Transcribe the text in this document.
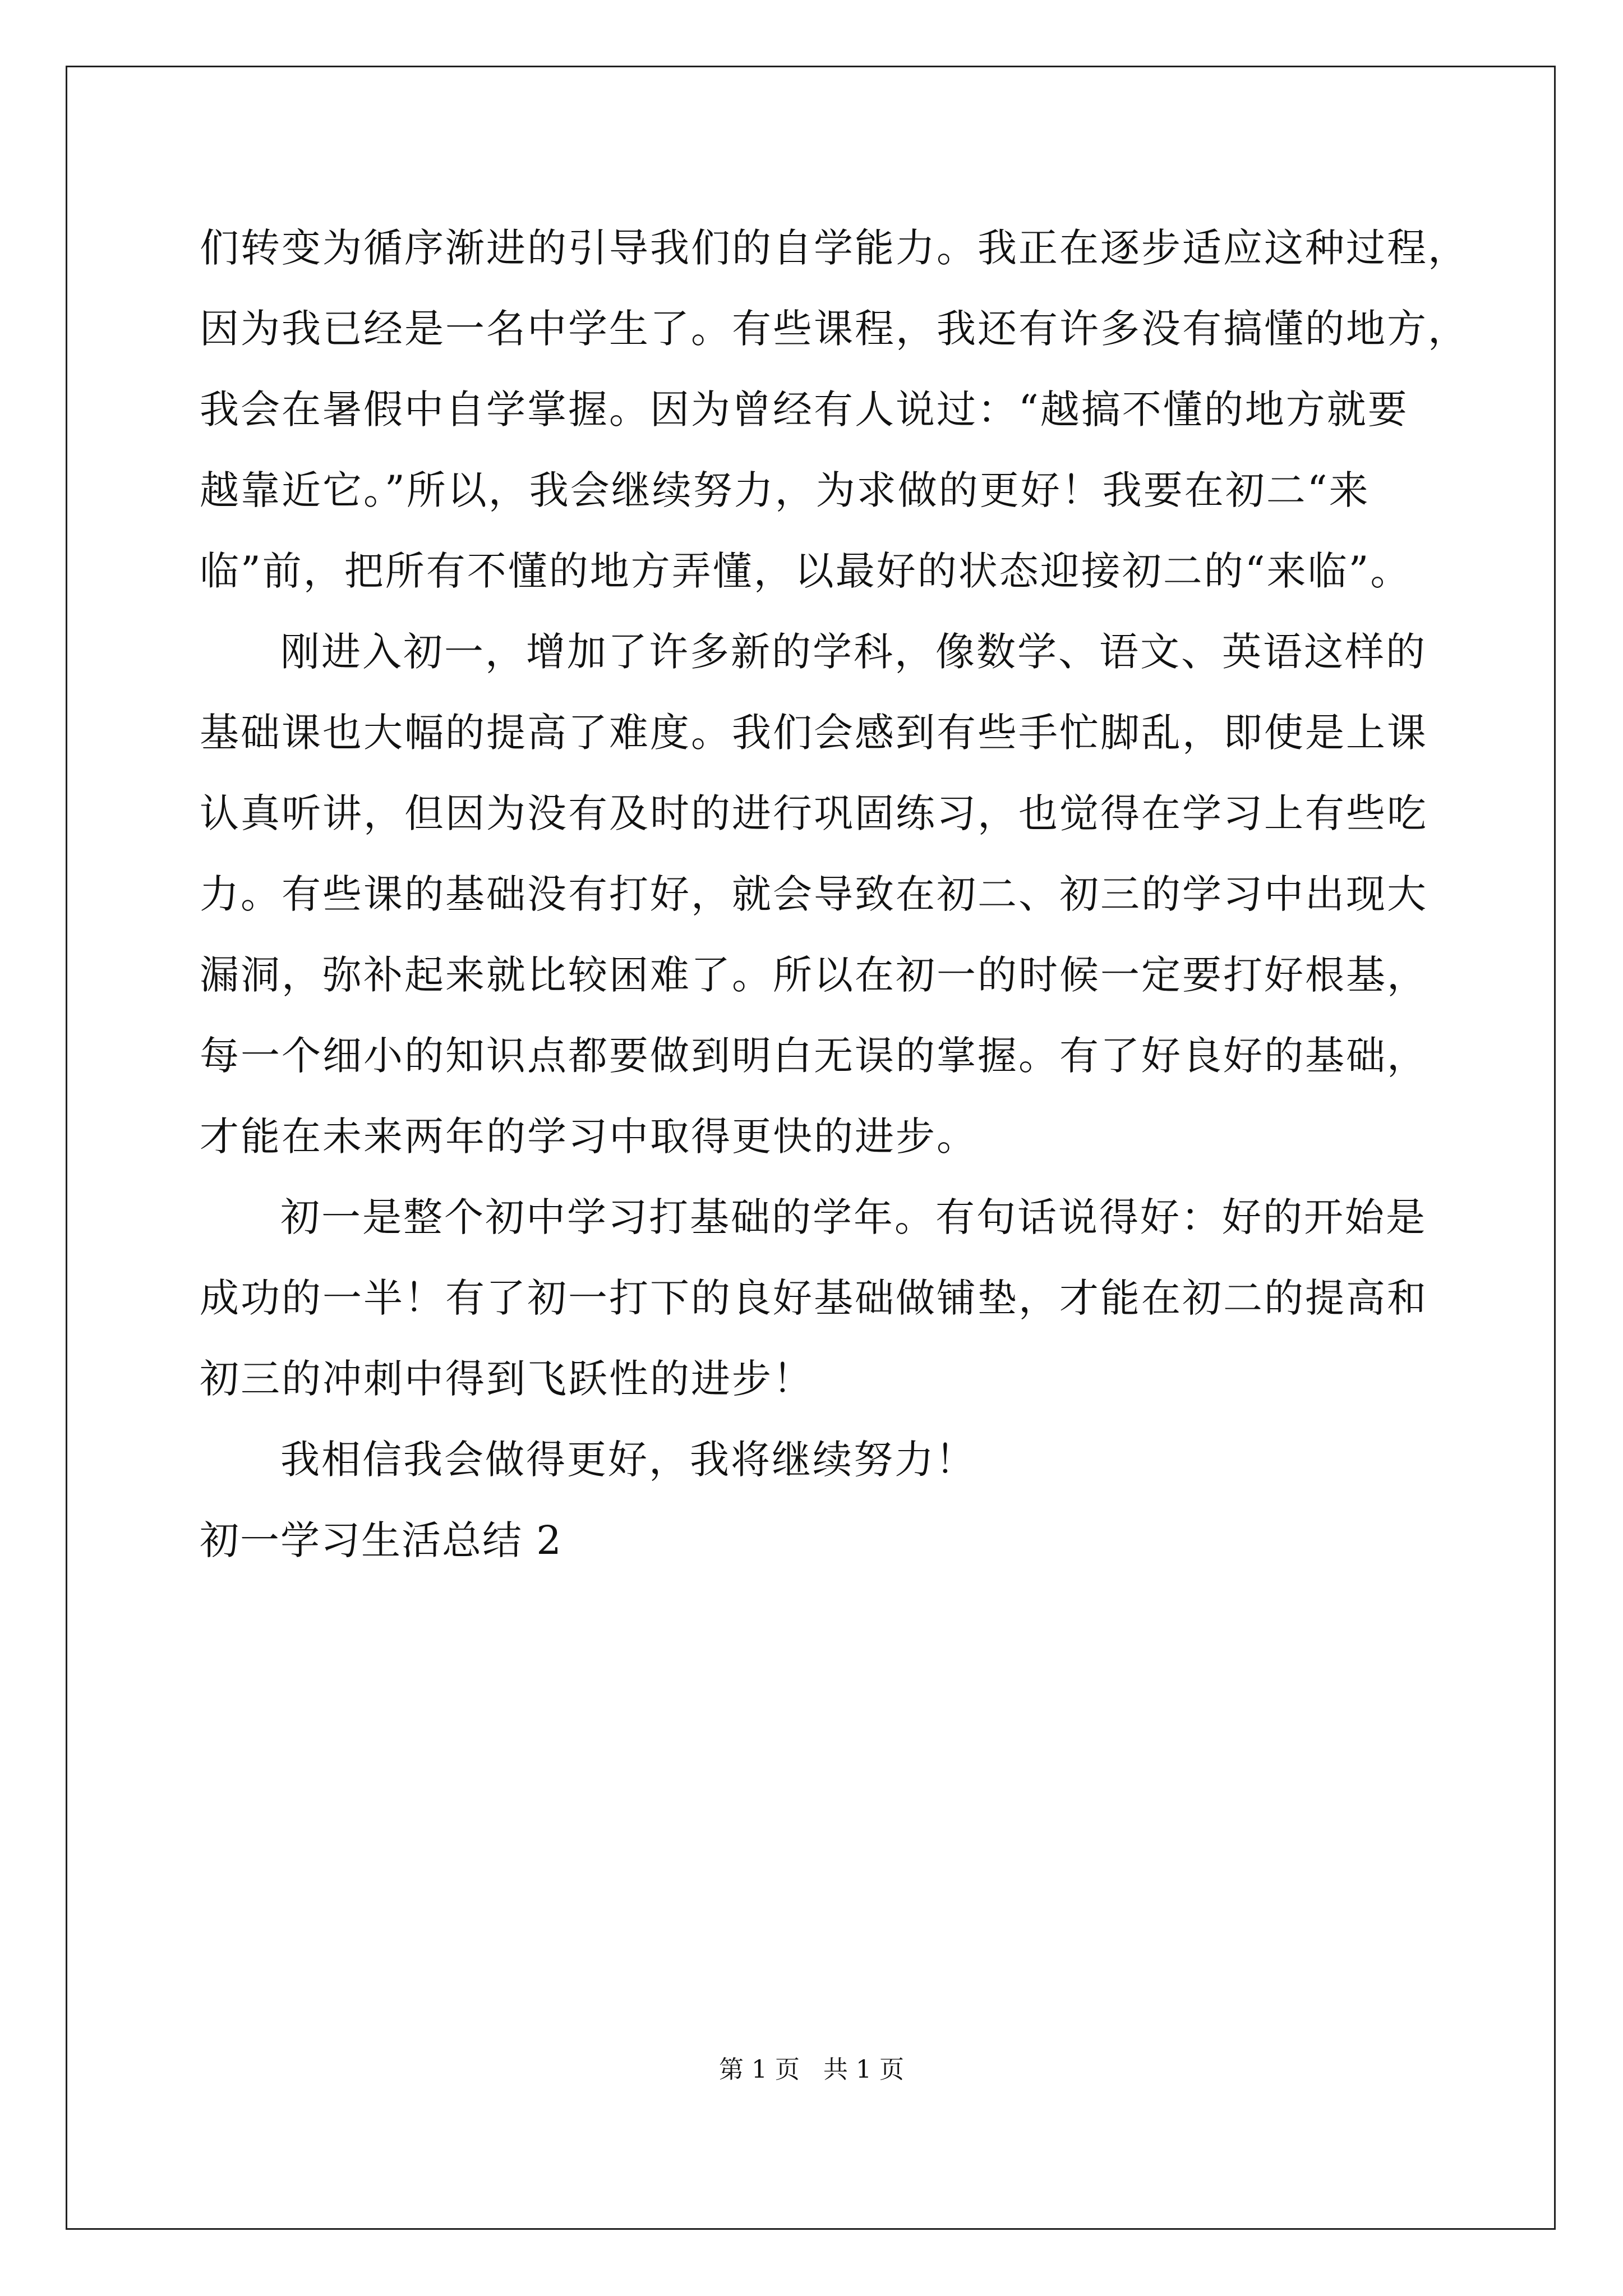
们转变为循序渐进的引导我们的自学能力。我正在逐步适应这种过程，
因为我已经是一名中学生了。有些课程，我还有许多没有搞懂的地方，
我会在暑假中自学掌握。因为曾经有人说过：“越搞不懂的地方就要
越靠近它。”所以，我会继续努力，为求做的更好！我要在初二“来
临”前，把所有不懂的地方弄懂，以最好的状态迎接初二的“来临”。
刚进入初一，增加了许多新的学科，像数学、语文、英语这样的
基础课也大幅的提高了难度。我们会感到有些手忙脚乱，即使是上课
认真听讲，但因为没有及时的进行巩固练习，也觉得在学习上有些吃
力。有些课的基础没有打好，就会导致在初二、初三的学习中出现大
漏洞，弥补起来就比较困难了。所以在初一的时候一定要打好根基，
每一个细小的知识点都要做到明白无误的掌握。有了好良好的基础，
才能在未来两年的学习中取得更快的进步。
初一是整个初中学习打基础的学年。有句话说得好：好的开始是
成功的一半！有了初一打下的良好基础做铺垫，才能在初二的提高和
初三的冲刺中得到飞跃性的进步！
我相信我会做得更好，我将继续努力！
初一学习生活总结 2
第 1 页   共 1 页
